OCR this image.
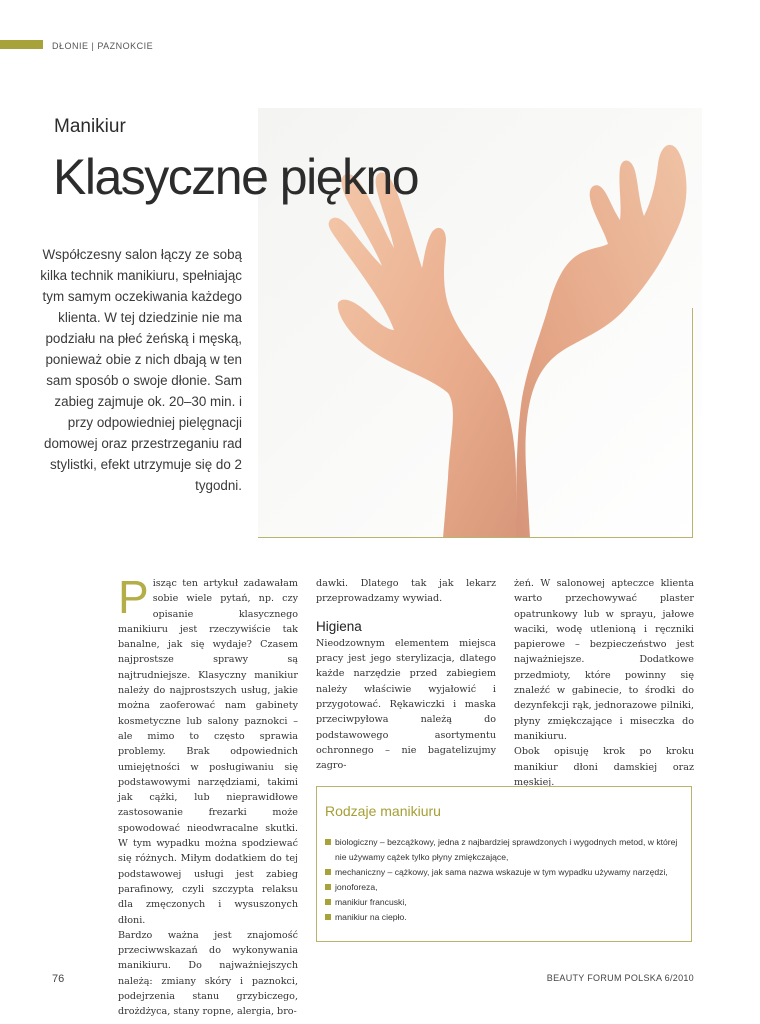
DŁONIE | PAZNOKCIE
Manikiur
Klasyczne piękno
Współczesny salon łączy ze sobą kilka technik manikiuru, spełniając tym samym oczekiwania każdego klienta. W tej dziedzinie nie ma podziału na płeć żeńską i męską, ponieważ obie z nich dbają w ten sam sposób o swoje dłonie. Sam zabieg zajmuje ok. 20–30 min. i przy odpowiedniej pielęgnacji domowej oraz przestrzeganiu rad stylistki, efekt utrzymuje się do 2 tygodni.
P isząc ten artykuł zadawałam sobie wiele pytań, np. czy opisanie klasycznego manikiuru jest rzeczywiście tak banalne, jak się wydaje? Czasem najprostsze sprawy są najtrudniejsze. Klasyczny manikiur należy do najprostszych usług, jakie można zaoferować nam gabinety kosmetyczne lub salony paznokci – ale mimo to często sprawia problemy. Brak odpowiednich umiejętności w posługiwaniu się podstawowymi narzędziami, takimi jak cążki, lub nieprawidłowe zastosowanie frezarki może spowodować nieodwracalne skutki. W tym wypadku można spodziewać się różnych. Miłym dodatkiem do tej podstawowej usługi jest zabieg parafinowy, czyli szczypta relaksu dla zmęczonych i wysuszonych dłoni.

Bardzo ważna jest znajomość przeciwwskazań do wykonywania manikiuru. Do najważniejszych należą: zmiany skóry i paznokci, podejrzenia stanu grzybiczego, drożdżyca, stany ropne, alergia, bro-

dawki. Dlatego tak jak lekarz przeprowadzamy wywiad.

Higiena

Nieodzownym elementem miejsca pracy jest jego sterylizacja, dlatego każde narzędzie przed zabiegiem należy właściwie wyjałowić i przygotować. Rękawiczki i maska przeciwpyłowa należą do podstawowego asortymentu ochronnego – nie bagatelizujmy zagro-

żeń. W salonowej apteczce klienta warto przechowywać plaster opatrunkowy lub w sprayu, jałowe waciki, wodę utlenioną i ręczniki papierowe – bezpieczeństwo jest najważniejsze. Dodatkowe przedmioty, które powinny się znaleźć w gabinecie, to środki do dezynfekcji rąk, jednorazowe pilniki, płyny zmiękczające i miseczka do manikiuru.

Obok opisuję krok po kroku manikiur dłoni damskiej oraz męskiej.

Rodzaje manikiuru
biologiczny – bezcążkowy, jedna z najbardziej sprawdzonych i wygodnych metod, w której nie używamy cążek tylko płyny zmiękczające,
mechaniczny – cążkowy, jak sama nazwa wskazuje w tym wypadku używamy narzędzi,
jonoforeza,
manikiur francuski,
manikiur na ciepło.
76	BEAUTY FORUM POLSKA 6/2010
